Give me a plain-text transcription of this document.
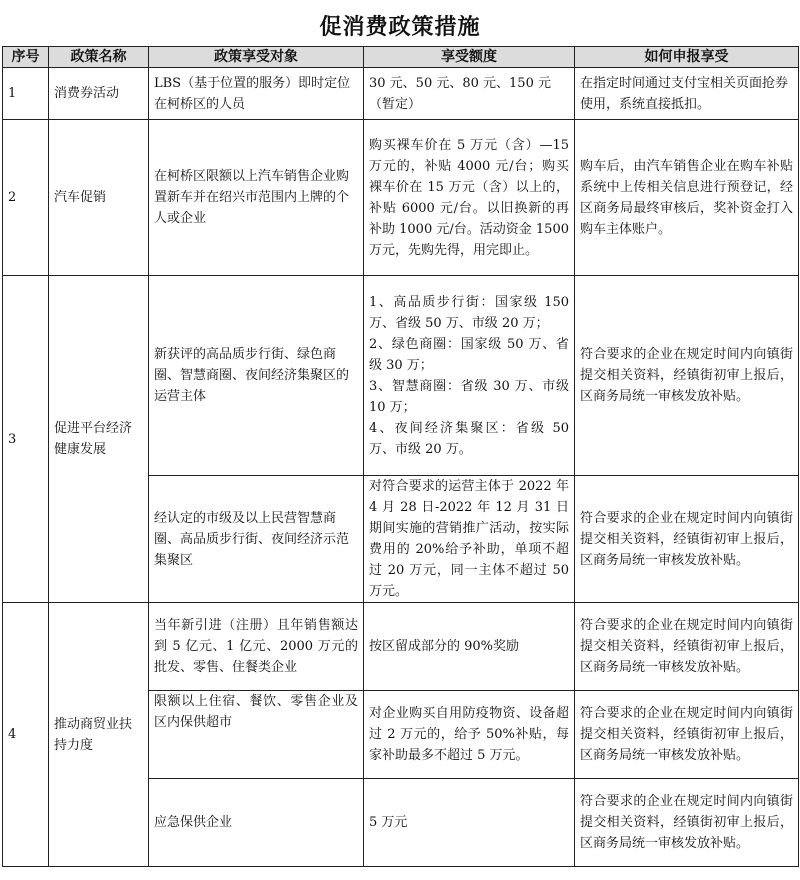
促消费政策措施
序号	政策名称	政策享受对象	享受额度	如何申报享受
1	消费券活动	LBS（基于位置的服务）即时定位在柯桥区的人员	30 元、50 元、80 元、150 元（暂定）	在指定时间通过支付宝相关页面抢券使用，系统直接抵扣。
2	汽车促销	在柯桥区限额以上汽车销售企业购置新车并在绍兴市范围内上牌的个人或企业	购买裸车价在 5 万元（含）—15 万元的，补贴 4000 元/台；购买裸车价在 15 万元（含）以上的，补贴 6000 元/台。以旧换新的再补助 1000 元/台。活动资金 1500 万元，先购先得，用完即止。	购车后，由汽车销售企业在购车补贴系统中上传相关信息进行预登记，经区商务局最终审核后，奖补资金打入购车主体账户。
3	促进平台经济健康发展	新获评的高品质步行街、绿色商圈、智慧商圈、夜间经济集聚区的运营主体	1、高品质步行街：国家级 150 万、省级 50 万、市级 20 万；
2、绿色商圈：国家级 50 万、省级 30 万；
3、智慧商圈：省级 30 万、市级 10 万；
4、夜间经济集聚区：省级 50 万、市级 20 万。	符合要求的企业在规定时间内向镇街提交相关资料，经镇街初审上报后，区商务局统一审核发放补贴。
		经认定的市级及以上民营智慧商圈、高品质步行街、夜间经济示范集聚区	对符合要求的运营主体于 2022 年 4 月 28 日-2022 年 12 月 31 日期间实施的营销推广活动，按实际费用的 20%给予补助，单项不超过 20 万元，同一主体不超过 50 万元。	符合要求的企业在规定时间内向镇街提交相关资料，经镇街初审上报后，区商务局统一审核发放补贴。
4	推动商贸业扶持力度	当年新引进（注册）且年销售额达到 5 亿元、1 亿元、2000 万元的批发、零售、住餐类企业	按区留成部分的 90%奖励	符合要求的企业在规定时间内向镇街提交相关资料，经镇街初审上报后，区商务局统一审核发放补贴。
		限额以上住宿、餐饮、零售企业及区内保供超市	对企业购买自用防疫物资、设备超过 2 万元的，给予 50%补贴，每家补助最多不超过 5 万元。	符合要求的企业在规定时间内向镇街提交相关资料，经镇街初审上报后，区商务局统一审核发放补贴。
		应急保供企业	5 万元	符合要求的企业在规定时间内向镇街提交相关资料，经镇街初审上报后，区商务局统一审核发放补贴。
